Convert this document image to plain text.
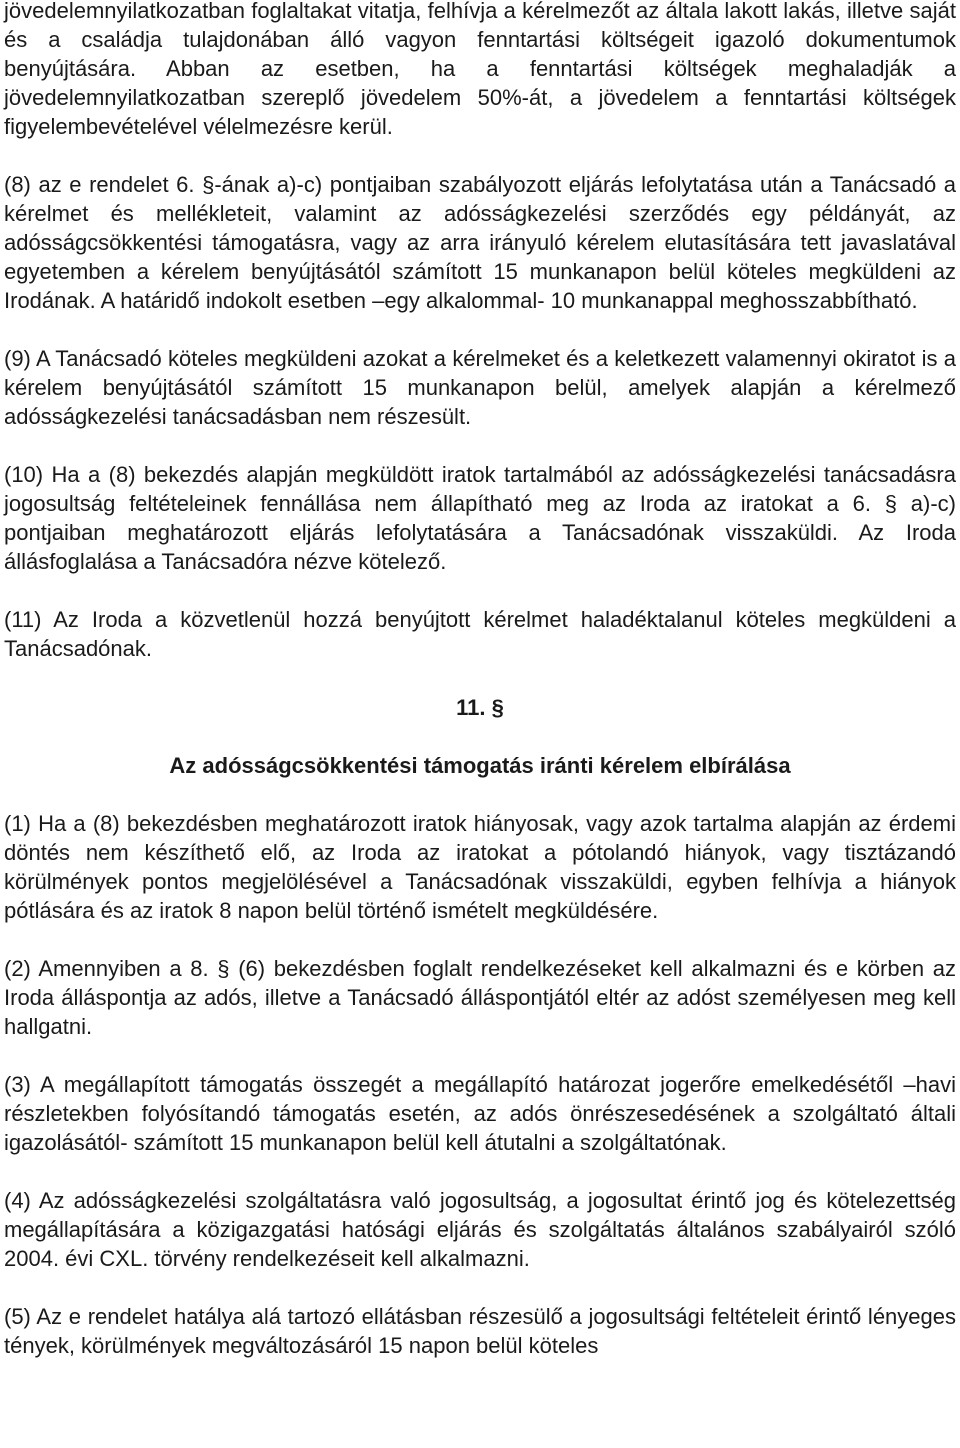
jövedelemnyilatkozatban foglaltakat vitatja, felhívja a kérelmezőt az általa lakott lakás, illetve saját és a családja tulajdonában álló vagyon fenntartási költségeit igazoló dokumentumok benyújtására. Abban az esetben, ha a fenntartási költségek meghaladják a jövedelemnyilatkozatban szereplő jövedelem 50%-át, a jövedelem a fenntartási költségek figyelembevételével vélelmezésre kerül.

(8) az e rendelet 6. §-ának a)-c) pontjaiban szabályozott eljárás lefolytatása után a Tanácsadó a kérelmet és mellékleteit, valamint az adósságkezelési szerződés egy példányát, az adósságcsökkentési támogatásra, vagy az arra irányuló kérelem elutasítására tett javaslatával egyetemben a kérelem benyújtásától számított 15 munkanapon belül köteles megküldeni az Irodának. A határidő indokolt esetben –egy alkalommal- 10 munkanappal meghosszabbítható.

(9) A Tanácsadó köteles megküldeni azokat a kérelmeket és a keletkezett valamennyi okiratot is a kérelem benyújtásától számított 15 munkanapon belül, amelyek alapján a kérelmező adósságkezelési tanácsadásban nem részesült.

(10) Ha a (8) bekezdés alapján megküldött iratok tartalmából az adósságkezelési tanácsadásra jogosultság feltételeinek fennállása nem állapítható meg az Iroda az iratokat a 6. § a)-c) pontjaiban meghatározott eljárás lefolytatására a Tanácsadónak visszaküldi. Az Iroda állásfoglalása a Tanácsadóra nézve kötelező.

(11) Az Iroda a közvetlenül hozzá benyújtott kérelmet haladéktalanul köteles megküldeni a Tanácsadónak.

11. §

Az adósságcsökkentési támogatás iránti kérelem elbírálása

(1) Ha a (8) bekezdésben meghatározott iratok hiányosak, vagy azok tartalma alapján az érdemi döntés nem készíthető elő, az Iroda az iratokat a pótolandó hiányok, vagy tisztázandó körülmények pontos megjelölésével a Tanácsadónak visszaküldi, egyben felhívja a hiányok pótlására és az iratok 8 napon belül történő ismételt megküldésére.

(2) Amennyiben a 8. § (6) bekezdésben foglalt rendelkezéseket kell alkalmazni és e körben az Iroda álláspontja az adós, illetve a Tanácsadó álláspontjától eltér az adóst személyesen meg kell hallgatni.

(3) A megállapított támogatás összegét a megállapító határozat jogerőre emelkedésétől –havi részletekben folyósítandó támogatás esetén, az adós önrészesedésének a szolgáltató általi igazolásától- számított 15 munkanapon belül kell átutalni a szolgáltatónak.

(4) Az adósságkezelési szolgáltatásra való jogosultság, a jogosultat érintő jog és kötelezettség megállapítására a közigazgatási hatósági eljárás és szolgáltatás általános szabályairól szóló 2004. évi CXL. törvény rendelkezéseit kell alkalmazni.

(5) Az e rendelet hatálya alá tartozó ellátásban részesülő a jogosultsági feltételeit érintő lényeges tények, körülmények megváltozásáról 15 napon belül köteles
